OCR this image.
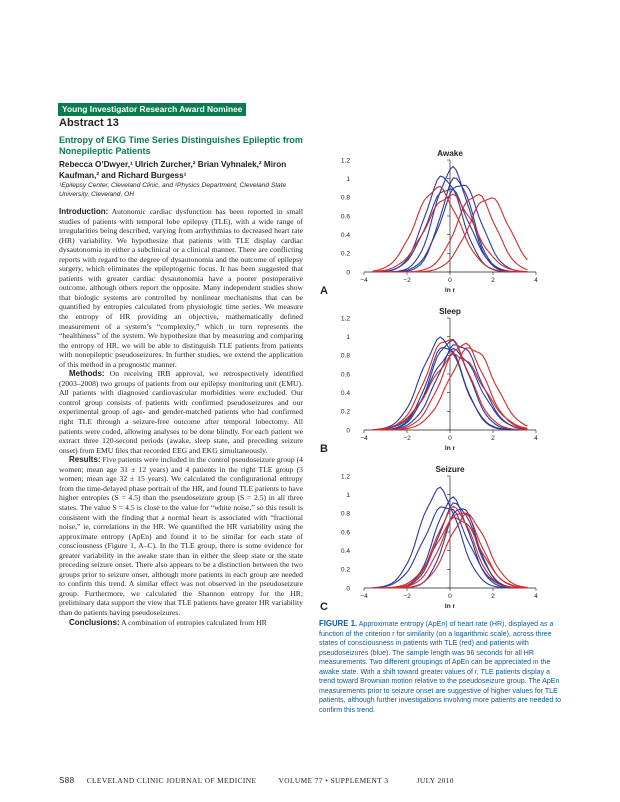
Young Investigator Research Award Nominee
Abstract 13
Entropy of EKG Time Series Distinguishes Epileptic from Nonepileptic Patients
Rebecca O’Dwyer,¹ Ulrich Zurcher,² Brian Vyhnalek,² Miron Kaufman,² and Richard Burgess¹
¹Epilepsy Center, Cleveland Clinic, and ²Physics Department, Cleveland State University, Cleveland, OH

Introduction: Autonomic cardiac dysfunction has been reported in small studies of patients with temporal lobe epilepsy (TLE), with a wide range of irregularities being described, varying from arrhythmias to decreased heart rate (HR) variability. We hypothesize that patients with TLE display cardiac dysautonomia in either a subclinical or a clinical manner. There are conflicting reports with regard to the degree of dysautonomia and the outcome of epilepsy surgery, which eliminates the epileptogenic focus. It has been suggested that patients with greater cardiac dysautonomia have a poorer postoperative outcome, although others report the opposite. Many independent studies show that biologic systems are controlled by nonlinear mechanisms that can be quantified by entropies calculated from physiologic time series. We measure the entropy of HR providing an objective, mathematically defined measurement of a system’s “complexity,” which in turn represents the “healthiness” of the system. We hypothesize that by measuring and comparing the entropy of HR, we will be able to distinguish TLE patients from patients with nonepileptic pseudoseizures. In further studies, we extend the application of this method in a prognostic manner.

Methods: On receiving IRB approval, we retrospectively identified (2003–2008) two groups of patients from our epilepsy monitoring unit (EMU). All patients with diagnosed cardiovascular morbidities were excluded. Our control group consists of patients with confirmed pseudoseizures and our experimental group of age- and gender-matched patients who had confirmed right TLE through a seizure-free outcome after temporal lobectomy. All patients were coded, allowing analyses to be done blindly. For each patient we extract three 120-second periods (awake, sleep state, and preceding seizure onset) from EMU files that recorded EEG and EKG simultaneously.

Results: Five patients were included in the control pseudoseizure group (4 women; mean age 31 ± 12 years) and 4 patients in the right TLE group (3 women; mean age 32 ± 15 years). We calculated the configurational entropy from the time-delayed phase portrait of the HR, and found TLE patients to have higher entropies (S = 4.5) than the pseudoseizure group (S = 2.5) in all three states. The value S = 4.5 is close to the value for “white noise,” so this result is consistent with the finding that a normal heart is associated with “fractional noise,” ie, correlations in the HR. We quantified the HR variability using the approximate entropy (ApEn) and found it to be similar for each state of consciousness (Figure 1, A–C). In the TLE group, there is some evidence for greater variability in the awake state than in either the sleep state or the state preceding seizure onset. There also appears to be a distinction between the two groups prior to seizure onset, although more patients in each group are needed to confirm this trend. A similar effect was not observed in the pseudoseizure group. Furthermore, we calculated the Shannon entropy for the HR; preliminary data support the view that TLE patients have greater HR variability than do patients having pseudoseizures.

Conclusions: A combination of entropies calculated from HR

Awake
0
0.2
0.4
0.6
0.8
1
1.2
−4	−2	0	2	4
ln r
A
Sleep
0
0.2
0.4
0.6
0.8
1
1.2
−4	−2	0	2	4
ln r
B
Seizure
0
0.2
0.4
0.6
0.8
1
1.2
−4	−2	0	2	4
ln r
C
FIGURE 1. Approximate entropy (ApEn) of heart rate (HR), displayed as a function of the criterion r for similarity (on a logarithmic scale), across three states of consciousness in patients with TLE (red) and patients with pseudoseizures (blue). The sample length was 96 seconds for all HR measurements. Two different groupings of ApEn can be appreciated in the awake state. With a shift toward greater values of r, TLE patients display a trend toward Brownian motion relative to the pseudoseizure group. The ApEn measurements prior to seizure onset are suggestive of higher values for TLE patients, although further investigations involving more patients are needed to confirm this trend.
S88 CLEVELAND CLINIC JOURNAL OF MEDICINE	VOLUME 77 • SUPPLEMENT 3	JULY 2010
